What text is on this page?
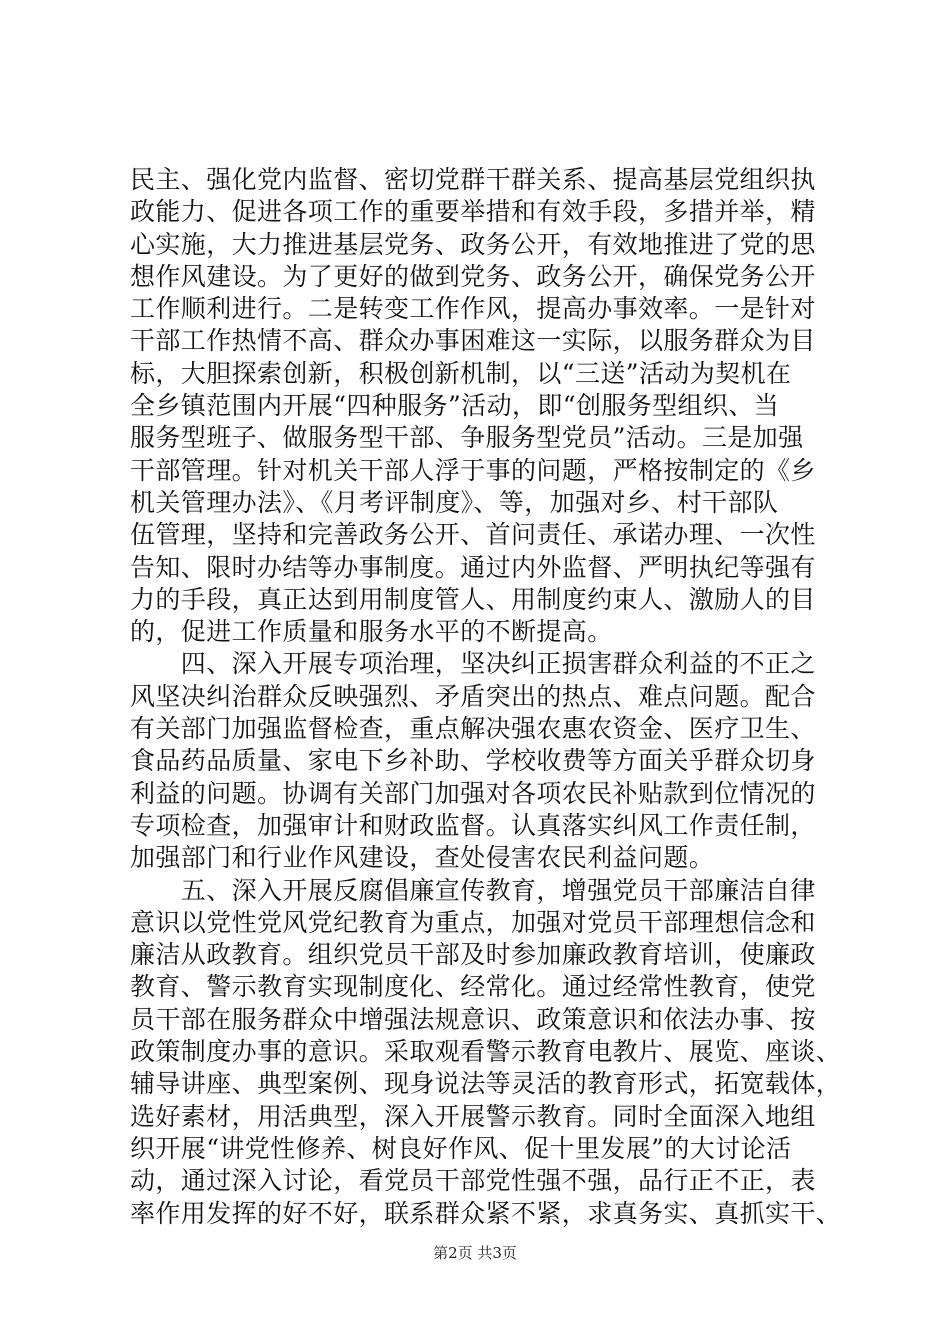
民主、强化党内监督、密切党群干群关系、提高基层党组织执
政能力、促进各项工作的重要举措和有效手段，多措并举，精
心实施，大力推进基层党务、政务公开，有效地推进了党的思
想作风建设。为了更好的做到党务、政务公开，确保党务公开
工作顺利进行。二是转变工作作风，提高办事效率。一是针对
干部工作热情不高、群众办事困难这一实际，以服务群众为目
标，大胆探索创新，积极创新机制，以“三送”活动为契机在
全乡镇范围内开展“四种服务”活动，即“创服务型组织、当
服务型班子、做服务型干部、争服务型党员”活动。三是加强
干部管理。针对机关干部人浮于事的问题，严格按制定的《乡
机关管理办法》、《月考评制度》、等，加强对乡、村干部队
伍管理，坚持和完善政务公开、首问责任、承诺办理、一次性
告知、限时办结等办事制度。通过内外监督、严明执纪等强有
力的手段，真正达到用制度管人、用制度约束人、激励人的目
的，促进工作质量和服务水平的不断提高。
　　四、深入开展专项治理，坚决纠正损害群众利益的不正之
风坚决纠治群众反映强烈、矛盾突出的热点、难点问题。配合
有关部门加强监督检查，重点解决强农惠农资金、医疗卫生、
食品药品质量、家电下乡补助、学校收费等方面关乎群众切身
利益的问题。协调有关部门加强对各项农民补贴款到位情况的
专项检查，加强审计和财政监督。认真落实纠风工作责任制，
加强部门和行业作风建设，查处侵害农民利益问题。
　　五、深入开展反腐倡廉宣传教育，增强党员干部廉洁自律
意识以党性党风党纪教育为重点，加强对党员干部理想信念和
廉洁从政教育。组织党员干部及时参加廉政教育培训，使廉政
教育、警示教育实现制度化、经常化。通过经常性教育，使党
员干部在服务群众中增强法规意识、政策意识和依法办事、按
政策制度办事的意识。采取观看警示教育电教片、展览、座谈、
辅导讲座、典型案例、现身说法等灵活的教育形式，拓宽载体，
选好素材，用活典型，深入开展警示教育。同时全面深入地组
织开展“讲党性修养、树良好作风、促十里发展”的大讨论活
动，通过深入讨论，看党员干部党性强不强，品行正不正，表
率作用发挥的好不好，联系群众紧不紧，求真务实、真抓实干、
第2页 共3页
